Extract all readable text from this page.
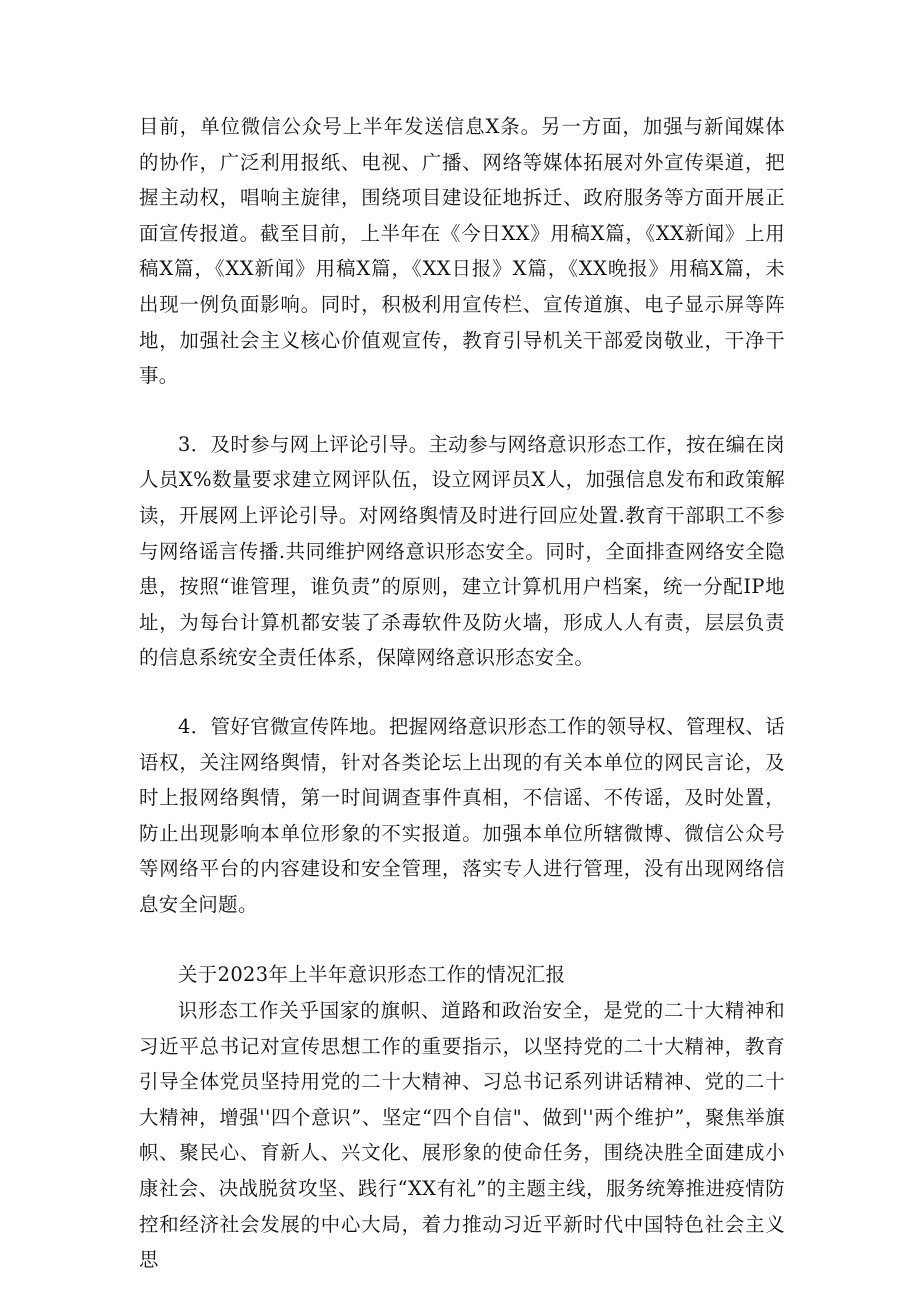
目前，单位微信公众号上半年发送信息X条。另一方面，加强与新闻媒体的协作，广泛利用报纸、电视、广播、网络等媒体拓展对外宣传渠道，把握主动权，唱响主旋律，围绕项目建设征地拆迁、政府服务等方面开展正面宣传报道。截至目前，上半年在《今日XX》用稿X篇，《XX新闻》上用稿X篇，《XX新闻》用稿X篇，《XX日报》X篇，《XX晚报》用稿X篇，未出现一例负面影响。同时，积极利用宣传栏、宣传道旗、电子显示屏等阵地，加强社会主义核心价值观宣传，教育引导机关干部爱岗敬业，干净干事。

3．及时参与网上评论引导。主动参与网络意识形态工作，按在编在岗人员X%数量要求建立网评队伍，设立网评员X人，加强信息发布和政策解读，开展网上评论引导。对网络舆情及时进行回应处置.教育干部职工不参与网络谣言传播.共同维护网络意识形态安全。同时，全面排查网络安全隐患，按照“谁管理，谁负责”的原则，建立计算机用户档案，统一分配IP地址，为每台计算机都安装了杀毒软件及防火墙，形成人人有责，层层负责的信息系统安全责任体系，保障网络意识形态安全。

4．管好官微宣传阵地。把握网络意识形态工作的领导权、管理权、话语权，关注网络舆情，针对各类论坛上出现的有关本单位的网民言论，及时上报网络舆情，第一时间调查事件真相，不信谣、不传谣，及时处置，防止出现影响本单位形象的不实报道。加强本单位所辖微博、微信公众号等网络平台的内容建设和安全管理，落实专人进行管理，没有出现网络信息安全问题。

关于2023年上半年意识形态工作的情况汇报

识形态工作关乎国家的旗帜、道路和政治安全，是党的二十大精神和习近平总书记对宣传思想工作的重要指示，以坚持党的二十大精神，教育引导全体党员坚持用党的二十大精神、习总书记系列讲话精神、党的二十大精神，增强''四个意识”、坚定“四个自信"、做到''两个维护”，聚焦举旗帜、聚民心、育新人、兴文化、展形象的使命任务，围绕决胜全面建成小康社会、决战脱贫攻坚、践行“XX有礼”的主题主线，服务统筹推进疫情防控和经济社会发展的中心大局，着力推动习近平新时代中国特色社会主义思
